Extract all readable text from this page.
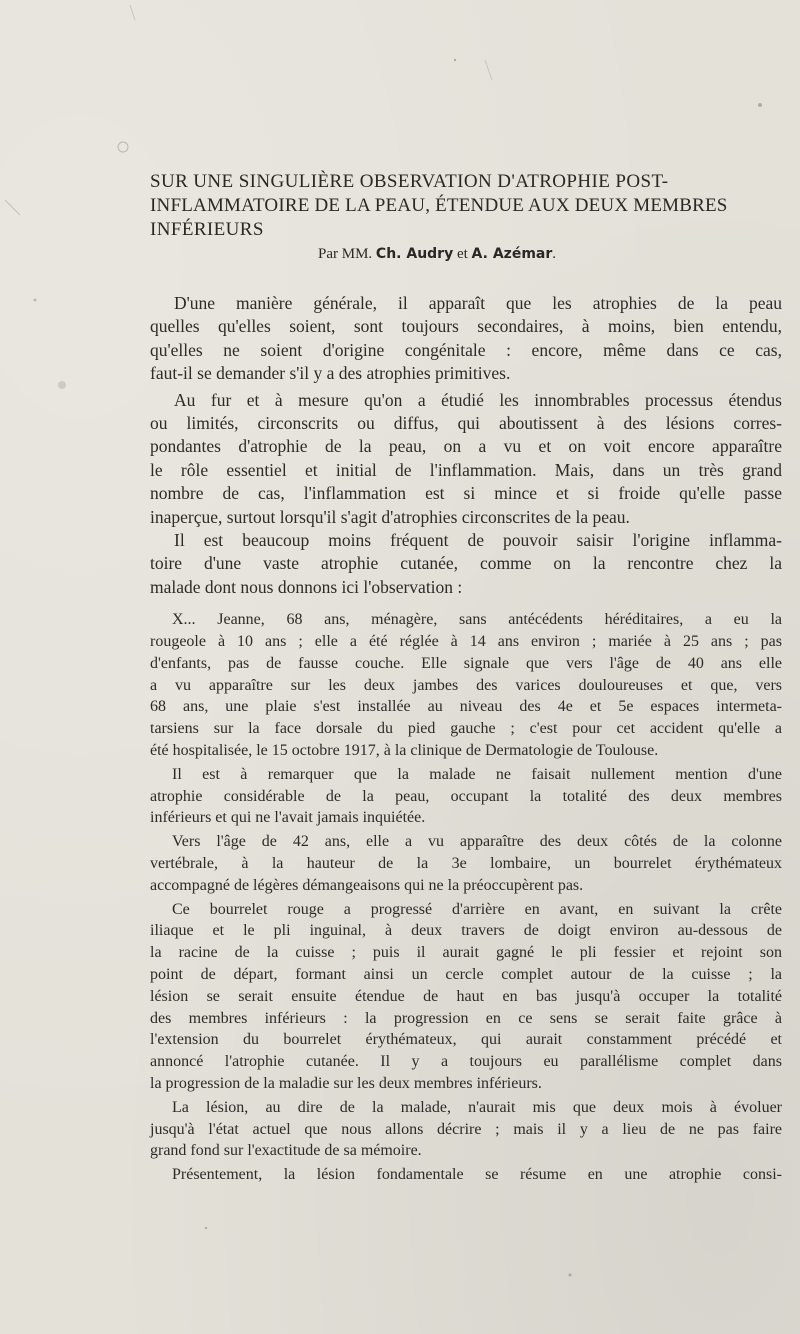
SUR UNE SINGULIÈRE OBSERVATION D'ATROPHIE POST-
INFLAMMATOIRE DE LA PEAU, ÉTENDUE AUX DEUX MEMBRES
INFÉRIEURS
Par MM. Ch. Audry et A. Azémar.
D'une manière générale, il apparaît que les atrophies de la peau
quelles qu'elles soient, sont toujours secondaires, à moins, bien entendu,
qu'elles ne soient d'origine congénitale : encore, même dans ce cas,
faut-il se demander s'il y a des atrophies primitives.
Au fur et à mesure qu'on a étudié les innombrables processus étendus
ou limités, circonscrits ou diffus, qui aboutissent à des lésions corres-
pondantes d'atrophie de la peau, on a vu et on voit encore apparaître
le rôle essentiel et initial de l'inflammation. Mais, dans un très grand
nombre de cas, l'inflammation est si mince et si froide qu'elle passe
inaperçue, surtout lorsqu'il s'agit d'atrophies circonscrites de la peau.
Il est beaucoup moins fréquent de pouvoir saisir l'origine inflamma-
toire d'une vaste atrophie cutanée, comme on la rencontre chez la
malade dont nous donnons ici l'observation :
X... Jeanne, 68 ans, ménagère, sans antécédents héréditaires, a eu la
rougeole à 10 ans ; elle a été réglée à 14 ans environ ; mariée à 25 ans ; pas
d'enfants, pas de fausse couche. Elle signale que vers l'âge de 40 ans elle
a vu apparaître sur les deux jambes des varices douloureuses et que, vers
68 ans, une plaie s'est installée au niveau des 4e et 5e espaces intermeta-
tarsiens sur la face dorsale du pied gauche ; c'est pour cet accident qu'elle a
été hospitalisée, le 15 octobre 1917, à la clinique de Dermatologie de Toulouse.
Il est à remarquer que la malade ne faisait nullement mention d'une
atrophie considérable de la peau, occupant la totalité des deux membres
inférieurs et qui ne l'avait jamais inquiétée.
Vers l'âge de 42 ans, elle a vu apparaître des deux côtés de la colonne
vertébrale, à la hauteur de la 3e lombaire, un bourrelet érythémateux
accompagné de légères démangeaisons qui ne la préoccupèrent pas.
Ce bourrelet rouge a progressé d'arrière en avant, en suivant la crête
iliaque et le pli inguinal, à deux travers de doigt environ au-dessous de
la racine de la cuisse ; puis il aurait gagné le pli fessier et rejoint son
point de départ, formant ainsi un cercle complet autour de la cuisse ; la
lésion se serait ensuite étendue de haut en bas jusqu'à occuper la totalité
des membres inférieurs : la progression en ce sens se serait faite grâce à
l'extension du bourrelet érythémateux, qui aurait constamment précédé et
annoncé l'atrophie cutanée. Il y a toujours eu parallélisme complet dans
la progression de la maladie sur les deux membres inférieurs.
La lésion, au dire de la malade, n'aurait mis que deux mois à évoluer
jusqu'à l'état actuel que nous allons décrire ; mais il y a lieu de ne pas faire
grand fond sur l'exactitude de sa mémoire.
Présentement, la lésion fondamentale se résume en une atrophie consi-
